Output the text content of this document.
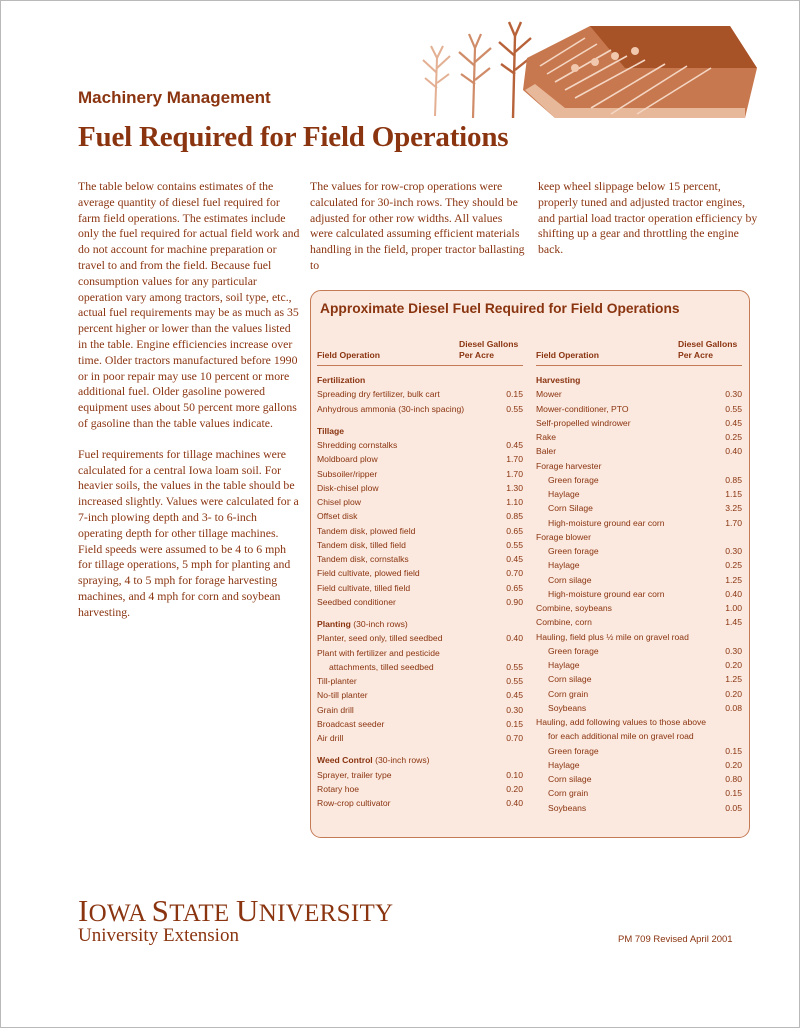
Machinery Management
Fuel Required for Field Operations

The table below contains estimates of the average quantity of diesel fuel required for farm field operations. The estimates include only the fuel required for actual field work and do not account for machine preparation or travel to and from the field. Because fuel consumption values for any particular operation vary among tractors, soil type, etc., actual fuel requirements may be as much as 35 percent higher or lower than the values listed in the table. Engine efficiencies increase over time. Older tractors manufactured before 1990 or in poor repair may use 10 percent or more additional fuel. Older gasoline powered equipment uses about 50 percent more gallons of gasoline than the table values indicate.

Fuel requirements for tillage machines were calculated for a central Iowa loam soil. For heavier soils, the values in the table should be increased slightly. Values were calculated for a 7-inch plowing depth and 3- to 6-inch operating depth for other tillage machines. Field speeds were assumed to be 4 to 6 mph for tillage operations, 5 mph for planting and spraying, 4 to 5 mph for forage harvesting machines, and 4 mph for corn and soybean harvesting.

The values for row-crop operations were calculated for 30-inch rows. They should be adjusted for other row widths. All values were calculated assuming efficient materials handling in the field, proper tractor ballasting to

keep wheel slippage below 15 percent, properly tuned and adjusted tractor engines, and partial load tractor operation efficiency by shifting up a gear and throttling the engine back.

Approximate Diesel Fuel Required for Field Operations
Field Operation
Diesel Gallons
Per Acre
Fertilization
Spreading dry fertilizer, bulk cart	0.15
Anhydrous ammonia (30-inch spacing)	0.55
Tillage
Shredding cornstalks	0.45
Moldboard plow	1.70
Subsoiler/ripper	1.70
Disk-chisel plow	1.30
Chisel plow	1.10
Offset disk	0.85
Tandem disk, plowed field	0.65
Tandem disk, tilled field	0.55
Tandem disk, cornstalks	0.45
Field cultivate, plowed field	0.70
Field cultivate, tilled field	0.65
Seedbed conditioner	0.90
Planting (30-inch rows)
Planter, seed only, tilled seedbed	0.40
Plant with fertilizer and pesticide
attachments, tilled seedbed	0.55
Till-planter	0.55
No-till planter	0.45
Grain drill	0.30
Broadcast seeder	0.15
Air drill	0.70
Weed Control (30-inch rows)
Sprayer, trailer type	0.10
Rotary hoe	0.20
Row-crop cultivator	0.40
Field Operation
Diesel Gallons
Per Acre
Harvesting
Mower	0.30
Mower-conditioner, PTO	0.55
Self-propelled windrower	0.45
Rake	0.25
Baler	0.40
Forage harvester
Green forage	0.85
Haylage	1.15
Corn Silage	3.25
High-moisture ground ear corn	1.70
Forage blower
Green forage	0.30
Haylage	0.25
Corn silage	1.25
High-moisture ground ear corn	0.40
Combine, soybeans	1.00
Combine, corn	1.45
Hauling, field plus ½ mile on gravel road
Green forage	0.30
Haylage	0.20
Corn silage	1.25
Corn grain	0.20
Soybeans	0.08
Hauling, add following values to those above
for each additional mile on gravel road
Green forage	0.15
Haylage	0.20
Corn silage	0.80
Corn grain	0.15
Soybeans	0.05
IOWA STATE UNIVERSITY
University Extension	PM 709 Revised April 2001
